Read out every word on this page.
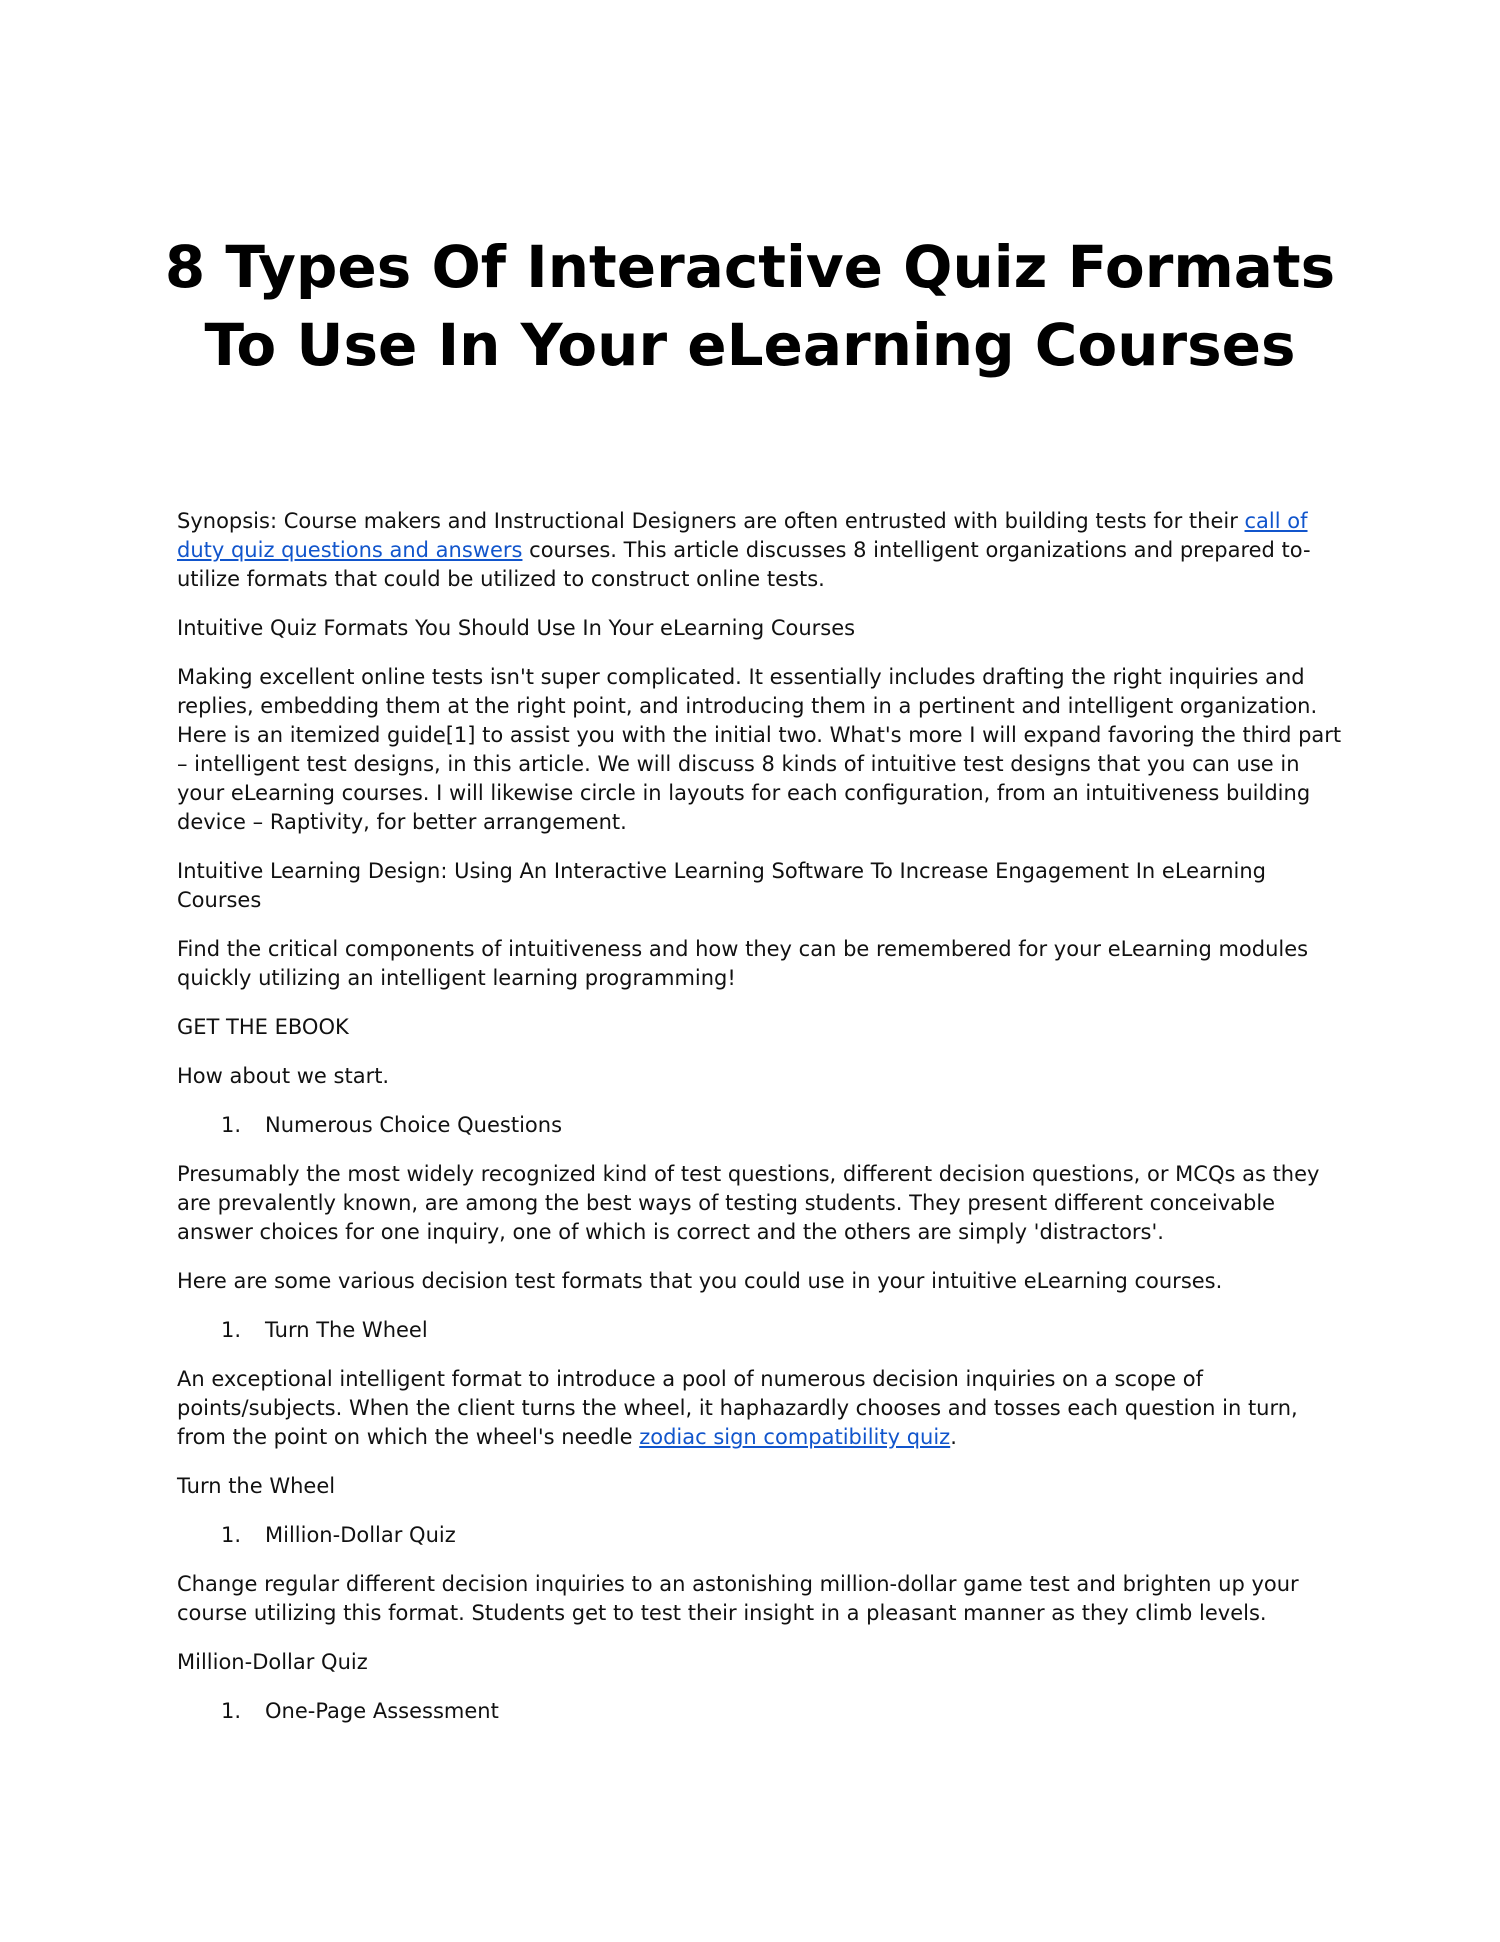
8 Types Of Interactive Quiz Formats
To Use In Your eLearning Courses

Synopsis: Course makers and Instructional Designers are often entrusted with building tests for their call of duty quiz questions and answers courses. This article discusses 8 intelligent organizations and prepared to-utilize formats that could be utilized to construct online tests.

Intuitive Quiz Formats You Should Use In Your eLearning Courses

Making excellent online tests isn't super complicated. It essentially includes drafting the right inquiries and replies, embedding them at the right point, and introducing them in a pertinent and intelligent organization. Here is an itemized guide[1] to assist you with the initial two. What's more I will expand favoring the third part – intelligent test designs, in this article. We will discuss 8 kinds of intuitive test designs that you can use in your eLearning courses. I will likewise circle in layouts for each configuration, from an intuitiveness building device – Raptivity, for better arrangement.

Intuitive Learning Design: Using An Interactive Learning Software To Increase Engagement In eLearning Courses

Find the critical components of intuitiveness and how they can be remembered for your eLearning modules quickly utilizing an intelligent learning programming!

GET THE EBOOK

How about we start.

1.	Numerous Choice Questions

Presumably the most widely recognized kind of test questions, different decision questions, or MCQs as they are prevalently known, are among the best ways of testing students. They present different conceivable answer choices for one inquiry, one of which is correct and the others are simply 'distractors'.

Here are some various decision test formats that you could use in your intuitive eLearning courses.

1.	Turn The Wheel

An exceptional intelligent format to introduce a pool of numerous decision inquiries on a scope of points/subjects. When the client turns the wheel, it haphazardly chooses and tosses each question in turn, from the point on which the wheel's needle zodiac sign compatibility quiz.

Turn the Wheel

1.	Million-Dollar Quiz

Change regular different decision inquiries to an astonishing million-dollar game test and brighten up your course utilizing this format. Students get to test their insight in a pleasant manner as they climb levels.

Million-Dollar Quiz

1.	One-Page Assessment
